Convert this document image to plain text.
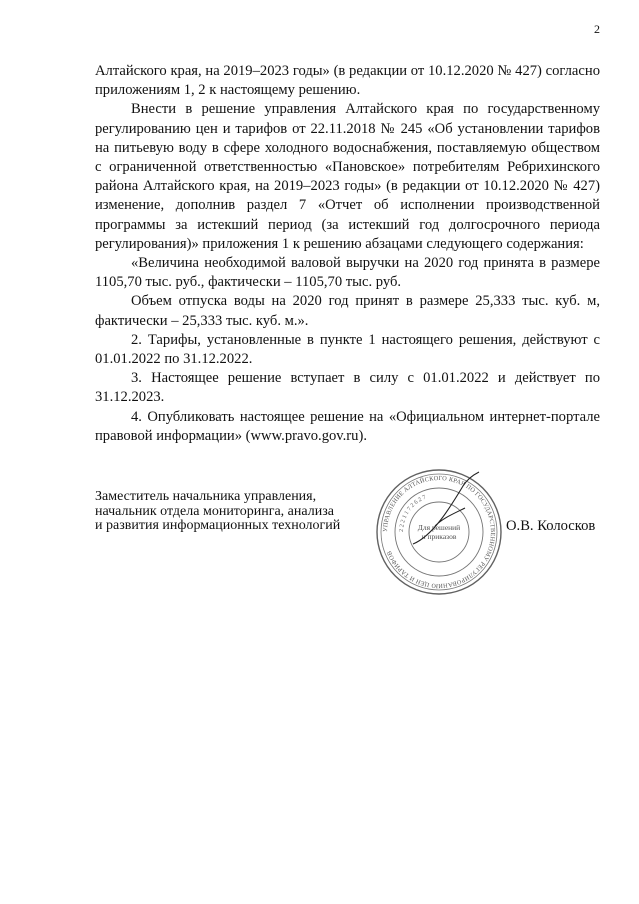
2

Алтайского края, на 2019–2023 годы» (в редакции от 10.12.2020 № 427) согласно приложениям 1, 2 к настоящему решению.

Внести в решение управления Алтайского края по государственному регулированию цен и тарифов от 22.11.2018 № 245 «Об установлении тарифов на питьевую воду в сфере холодного водоснабжения, поставляемую обществом с ограниченной ответственностью «Пановское» потребителям Ребрихинского района Алтайского края, на 2019–2023 годы» (в редакции от 10.12.2020 № 427) изменение, дополнив раздел 7 «Отчет об исполнении производственной программы за истекший период (за истекший год долгосрочного периода регулирования)» приложения 1 к решению абзацами следующего содержания:

«Величина необходимой валовой выручки на 2020 год принята в размере 1105,70 тыс. руб., фактически – 1105,70 тыс. руб.

Объем отпуска воды на 2020 год принят в размере 25,333 тыс. куб. м, фактически – 25,333 тыс. куб. м.».

2. Тарифы, установленные в пункте 1 настоящего решения, действуют с 01.01.2022 по 31.12.2022.

3. Настоящее решение вступает в силу с 01.01.2022 и действует по 31.12.2023.

4. Опубликовать настоящее решение на «Официальном интернет-портале правовой информации» (www.pravo.gov.ru).

Заместитель начальника управления,
начальник отдела мониторинга, анализа
и развития информационных технологий	УПРАВЛЕНИЕ АЛТАЙСКОГО КРАЯ ПО ГОСУДАРСТВЕННОМУ РЕГУЛИРОВАНИЮ ЦЕН И ТАРИФОВ
2221172627
Для решений
и приказов
О.В. Колосков
